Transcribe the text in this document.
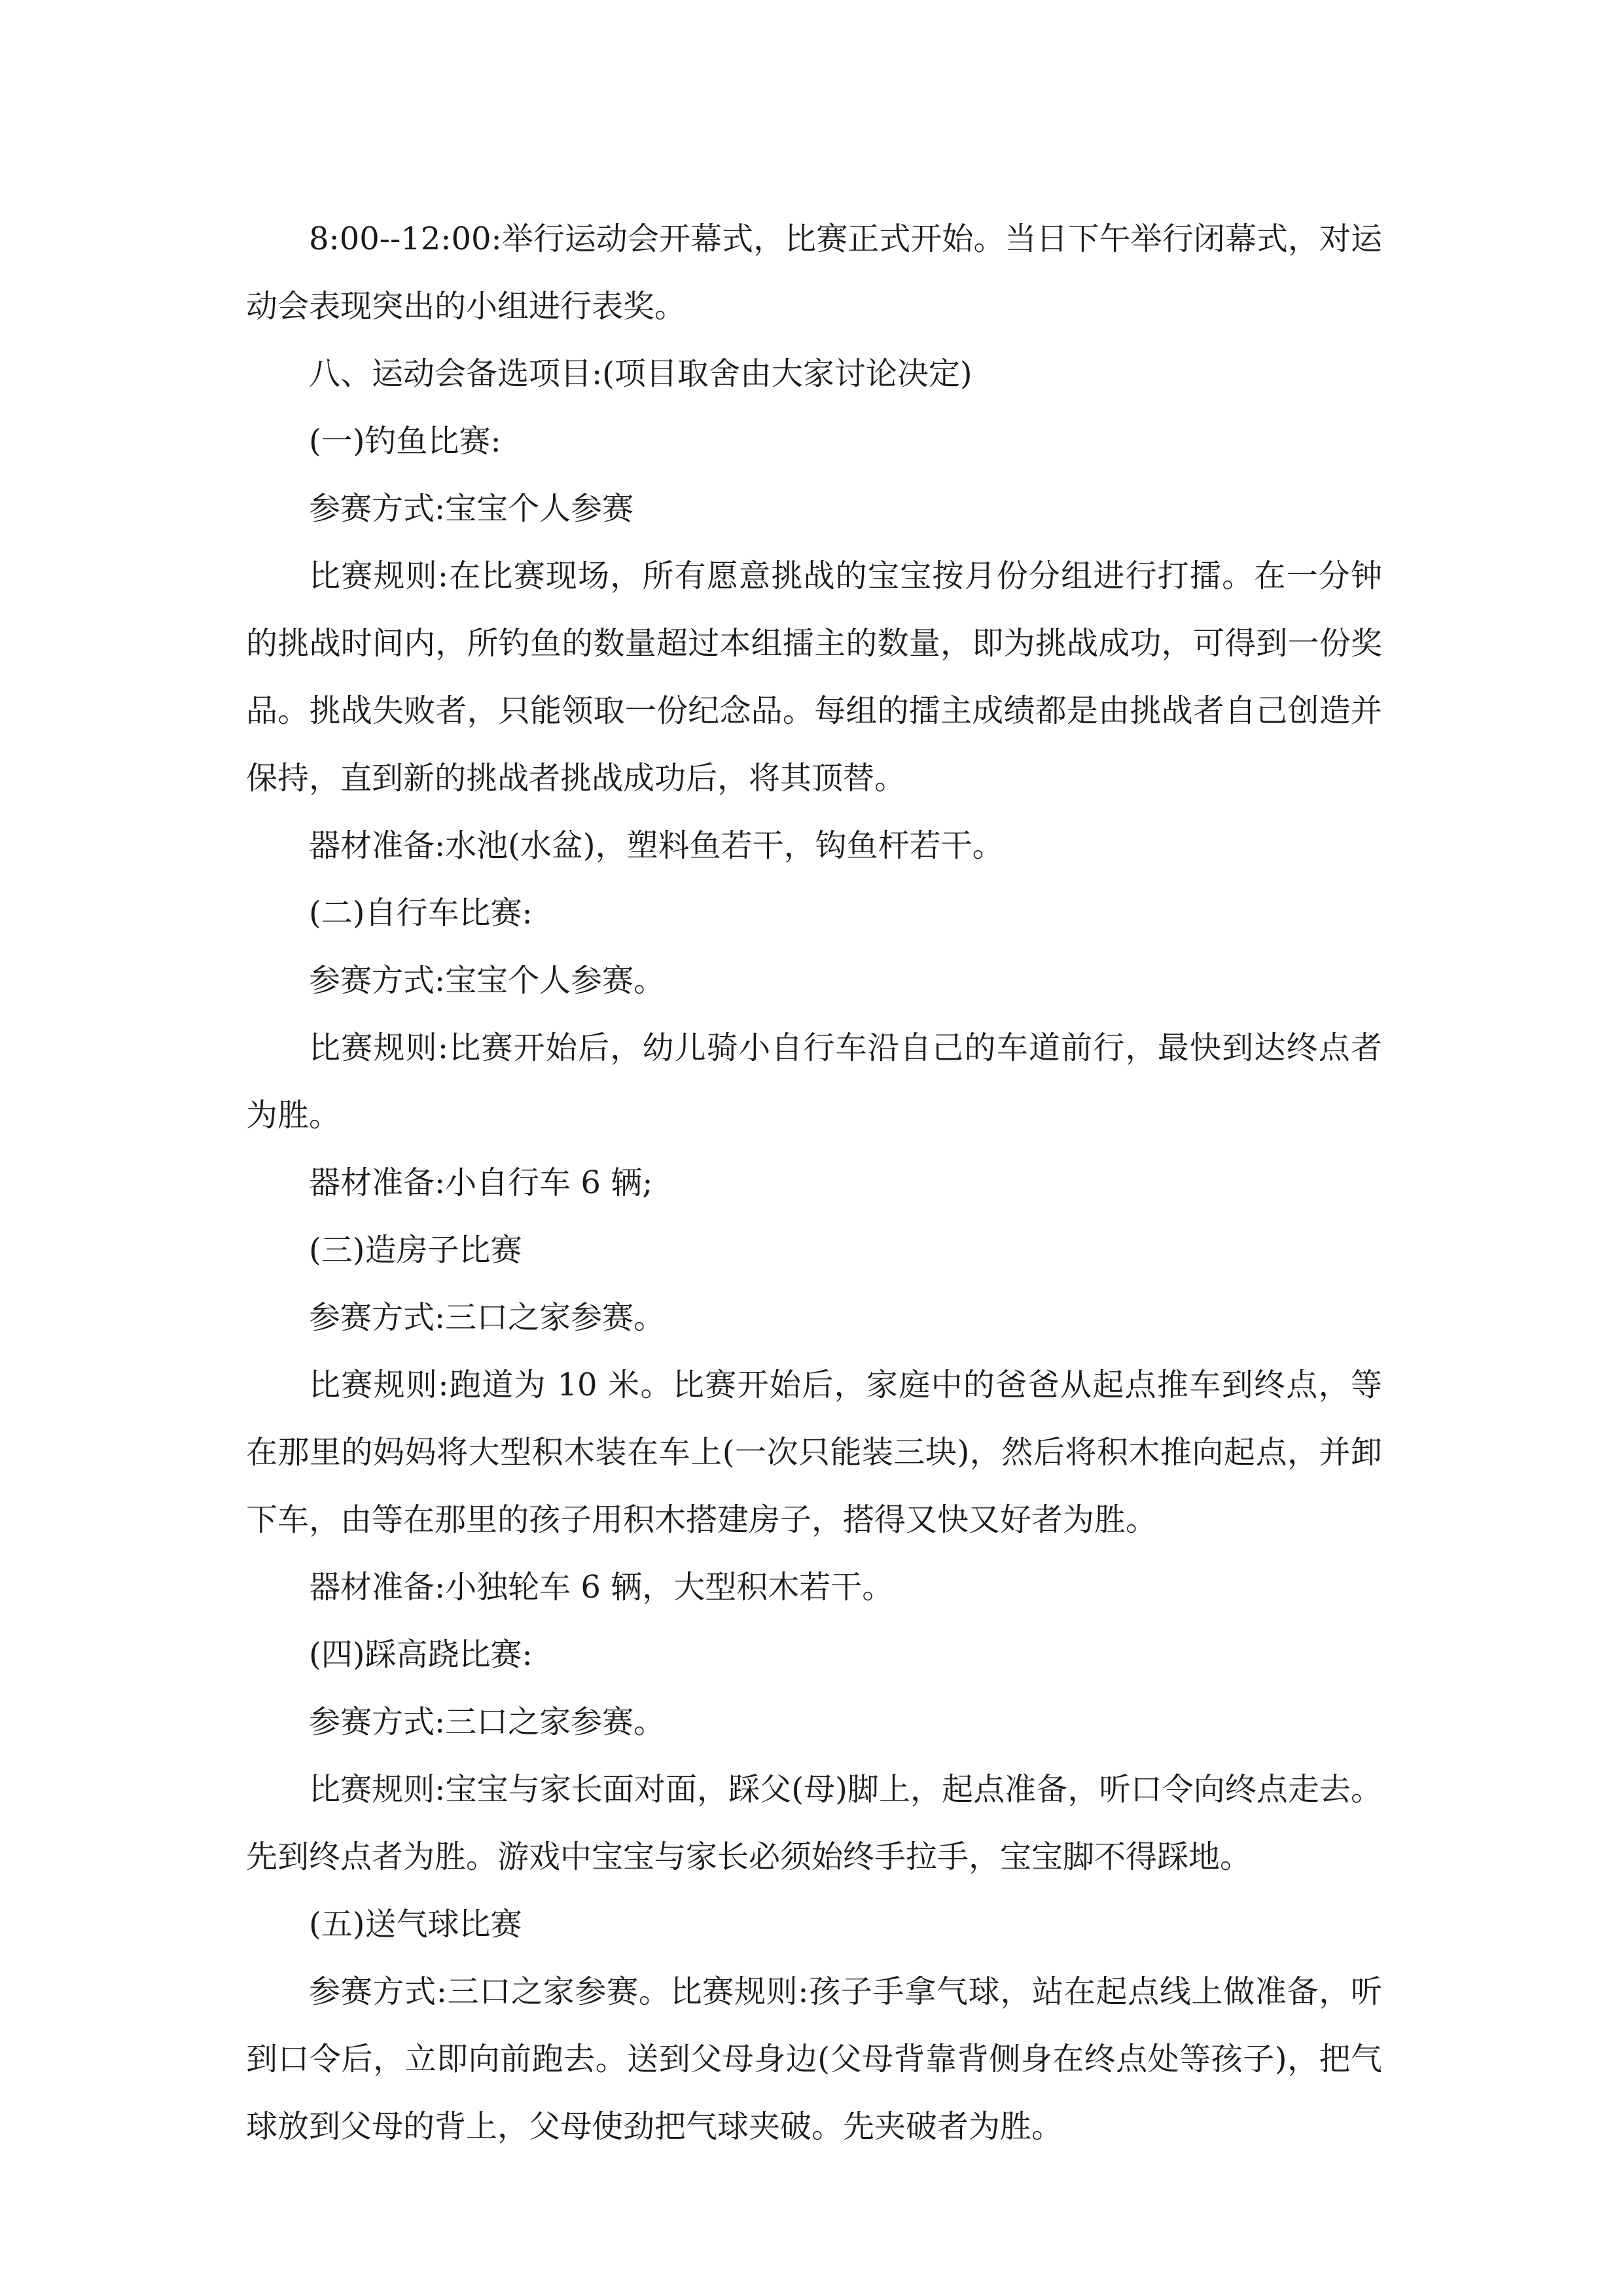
8:00--12:00:举行运动会开幕式，比赛正式开始。当日下午举行闭幕式，对运动会表现突出的小组进行表奖。

八、运动会备选项目:(项目取舍由大家讨论决定)

(一)钓鱼比赛:

参赛方式:宝宝个人参赛

比赛规则:在比赛现场，所有愿意挑战的宝宝按月份分组进行打擂。在一分钟的挑战时间内，所钓鱼的数量超过本组擂主的数量，即为挑战成功，可得到一份奖品。挑战失败者，只能领取一份纪念品。每组的擂主成绩都是由挑战者自己创造并保持，直到新的挑战者挑战成功后，将其顶替。

器材准备:水池(水盆)，塑料鱼若干，钩鱼杆若干。

(二)自行车比赛:

参赛方式:宝宝个人参赛。

比赛规则:比赛开始后，幼儿骑小自行车沿自己的车道前行，最快到达终点者为胜。

器材准备:小自行车 6 辆;

(三)造房子比赛

参赛方式:三口之家参赛。

比赛规则:跑道为 10 米。比赛开始后，家庭中的爸爸从起点推车到终点，等在那里的妈妈将大型积木装在车上(一次只能装三块)，然后将积木推向起点，并卸下车，由等在那里的孩子用积木搭建房子，搭得又快又好者为胜。

器材准备:小独轮车 6 辆，大型积木若干。

(四)踩高跷比赛:

参赛方式:三口之家参赛。

比赛规则:宝宝与家长面对面，踩父(母)脚上，起点准备，听口令向终点走去。先到终点者为胜。游戏中宝宝与家长必须始终手拉手，宝宝脚不得踩地。

(五)送气球比赛

参赛方式:三口之家参赛。比赛规则:孩子手拿气球，站在起点线上做准备，听到口令后，立即向前跑去。送到父母身边(父母背靠背侧身在终点处等孩子)，把气球放到父母的背上，父母使劲把气球夹破。先夹破者为胜。
